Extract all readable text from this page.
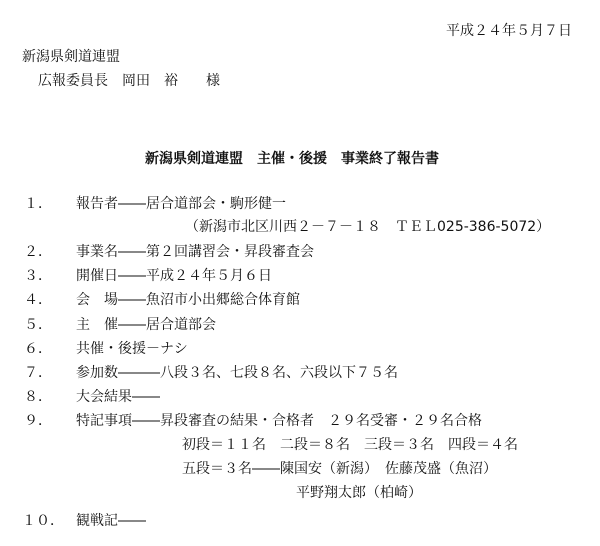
平成２４年５月７日
新潟県剣道連盟
広報委員長　岡田　裕　　様
新潟県剣道連盟　主催・後援　事業終了報告書
１． 報告者――居合道部会・駒形健一
（新潟市北区川西２－７－１８　ＴＥＬ025-386-5072）
２． 事業名――第２回講習会・昇段審査会
３． 開催日――平成２４年５月６日
４． 会　場――魚沼市小出郷総合体育館
５． 主　催――居合道部会
６． 共催・後援－ナシ
７． 参加数―――八段３名、七段８名、六段以下７５名
８． 大会結果――
９． 特記事項――昇段審査の結果・合格者　２９名受審・２９名合格
初段＝１１名　二段＝８名　三段＝３名　四段＝４名
五段＝３名――陳国安（新潟）　佐藤茂盛（魚沼）
平野翔太郎（柏崎）
１０． 観戦記――
